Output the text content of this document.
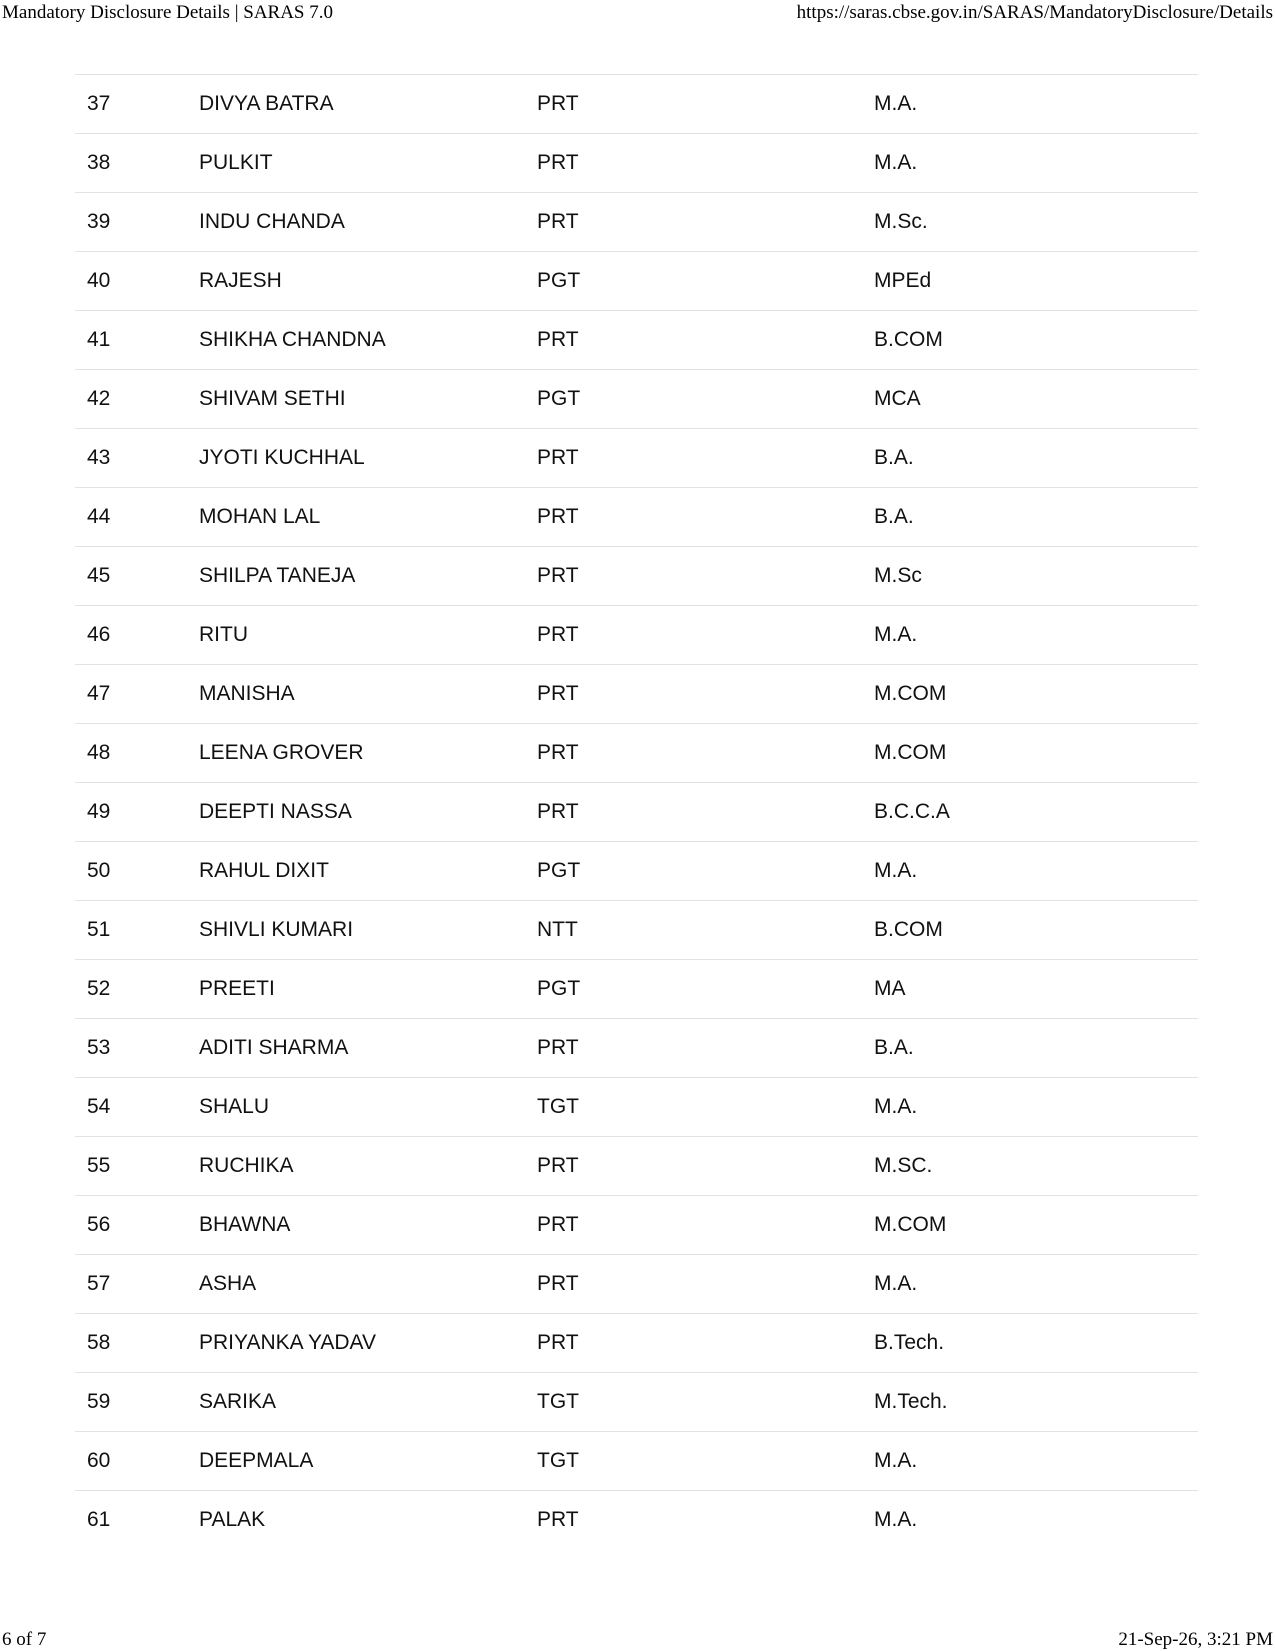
Mandatory Disclosure Details | SARAS 7.0	https://saras.cbse.gov.in/SARAS/MandatoryDisclosure/Details
37	DIVYA BATRA	PRT	M.A.
38	PULKIT	PRT	M.A.
39	INDU CHANDA	PRT	M.Sc.
40	RAJESH	PGT	MPEd
41	SHIKHA CHANDNA	PRT	B.COM
42	SHIVAM SETHI	PGT	MCA
43	JYOTI KUCHHAL	PRT	B.A.
44	MOHAN LAL	PRT	B.A.
45	SHILPA TANEJA	PRT	M.Sc
46	RITU	PRT	M.A.
47	MANISHA	PRT	M.COM
48	LEENA GROVER	PRT	M.COM
49	DEEPTI NASSA	PRT	B.C.C.A
50	RAHUL DIXIT	PGT	M.A.
51	SHIVLI KUMARI	NTT	B.COM
52	PREETI	PGT	MA
53	ADITI SHARMA	PRT	B.A.
54	SHALU	TGT	M.A.
55	RUCHIKA	PRT	M.SC.
56	BHAWNA	PRT	M.COM
57	ASHA	PRT	M.A.
58	PRIYANKA YADAV	PRT	B.Tech.
59	SARIKA	TGT	M.Tech.
60	DEEPMALA	TGT	M.A.
61	PALAK	PRT	M.A.
6 of 7	21-Sep-26, 3:21 PM
